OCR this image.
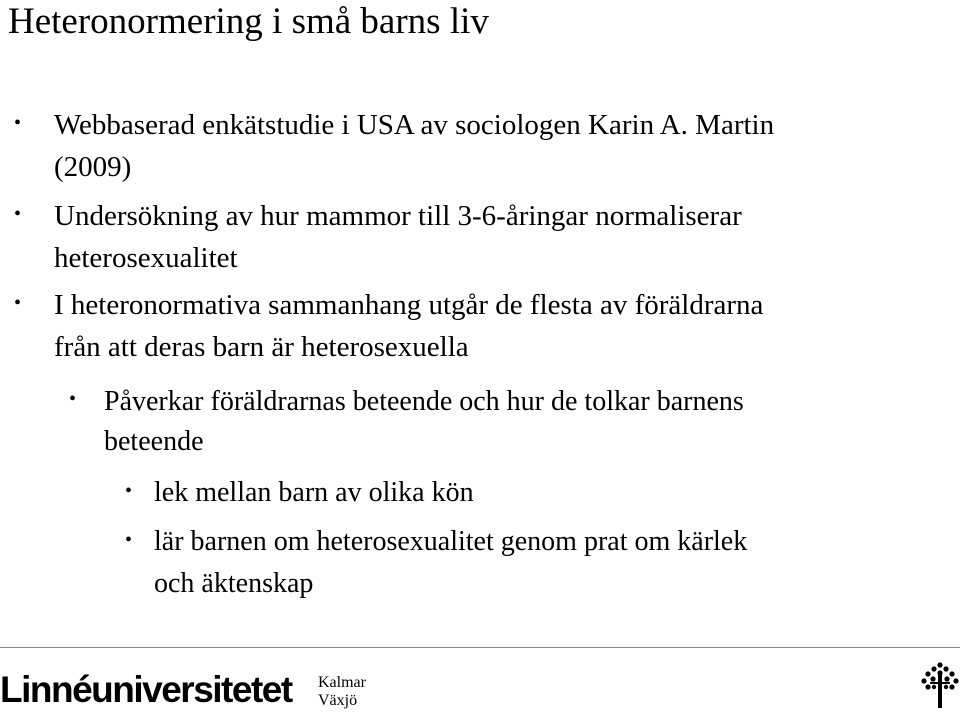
Heteronormering i små barns liv
• Webbaserad enkätstudie i USA av sociologen Karin A. Martin
(2009)
• Undersökning av hur mammor till 3-6-åringar normaliserar
heterosexualitet
• I heteronormativa sammanhang utgår de flesta av föräldrarna
från att deras barn är heterosexuella
• Påverkar föräldrarnas beteende och hur de tolkar barnens
beteende
• lek mellan barn av olika kön
• lär barnen om heterosexualitet genom prat om kärlek
och äktenskap
Linnéuniversitetet Kalmar
Växjö
